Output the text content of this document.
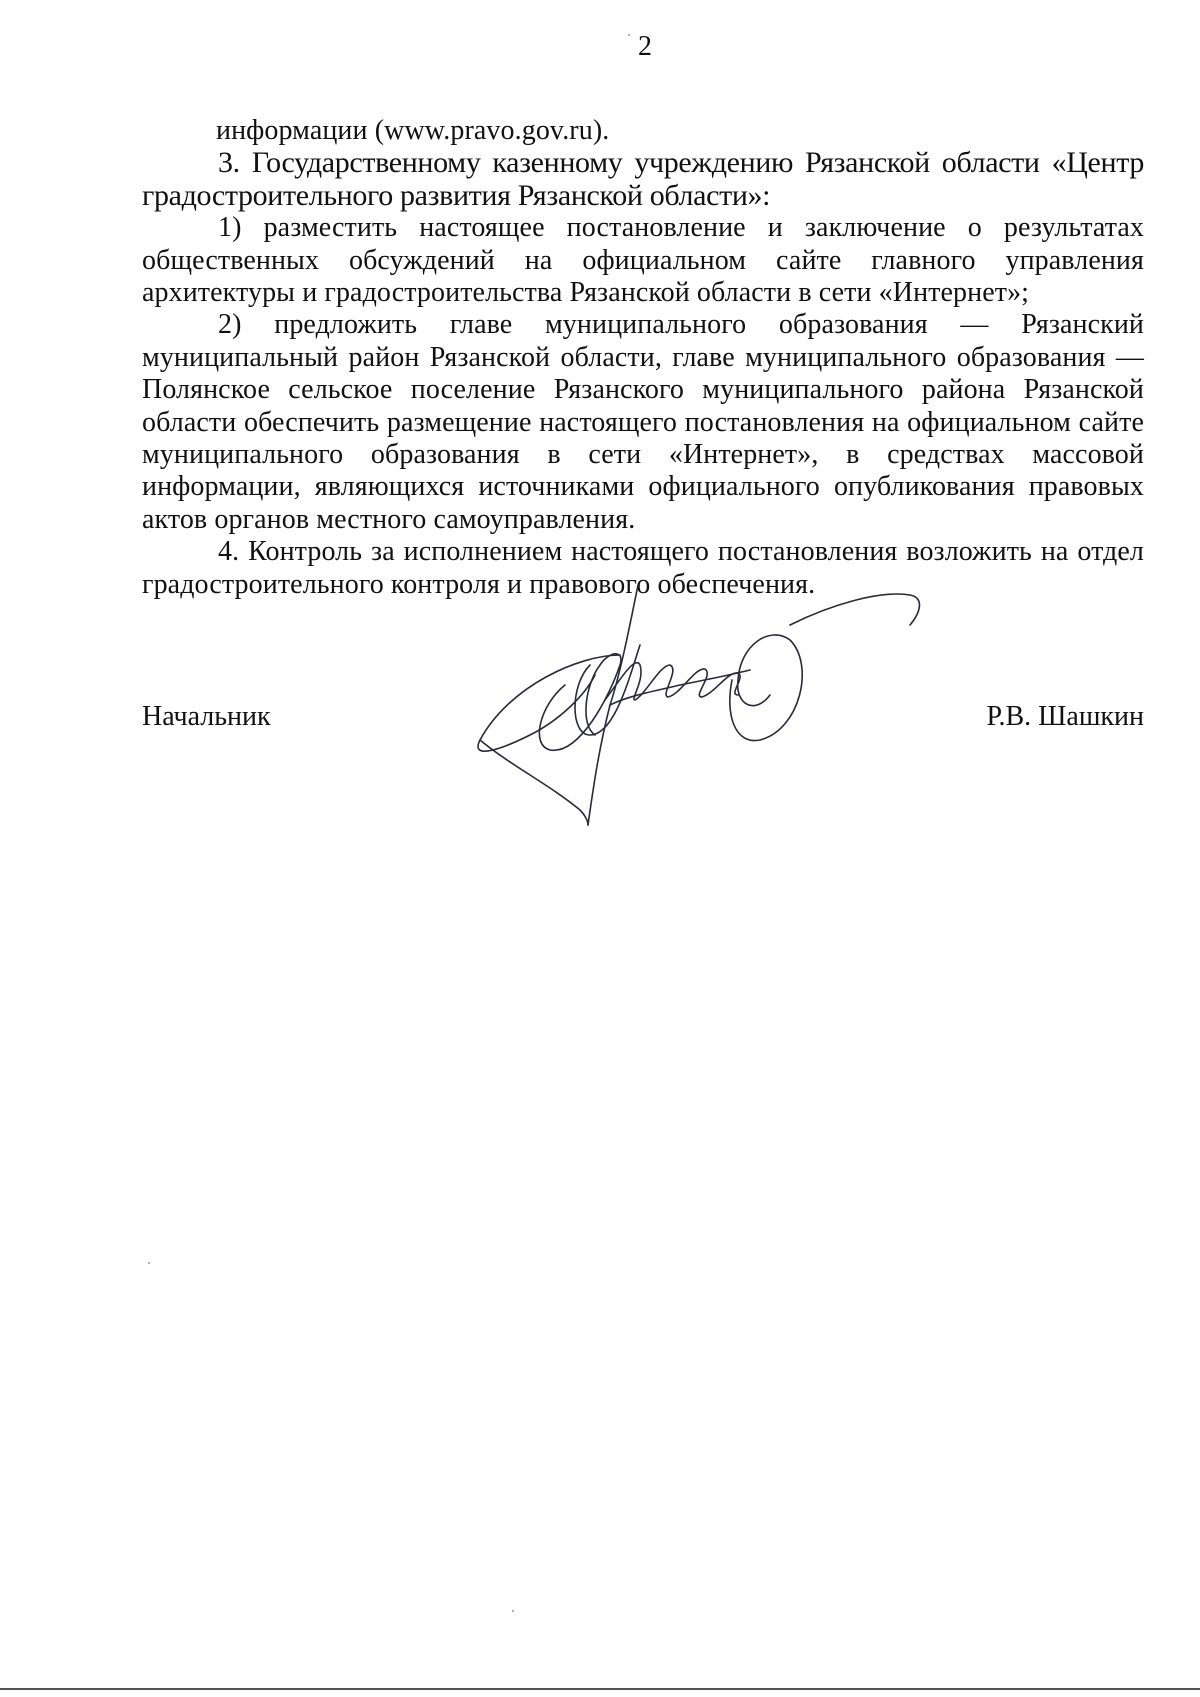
2

информации (www.pravo.gov.ru).

3. Государственному казенному учреждению Рязанской области «Центр градостроительного развития Рязанской области»:

1) разместить настоящее постановление и заключение о результатах общественных обсуждений на официальном сайте главного управления архитектуры и градостроительства Рязанской области в сети «Интернет»;

2) предложить главе муниципального образования — Рязанский муниципальный район Рязанской области, главе муниципального образования — Полянское сельское поселение Рязанского муниципального района Рязанской области обеспечить размещение настоящего постановления на официальном сайте муниципального образования в сети «Интернет», в средствах массовой информации, являющихся источниками официального опубликования правовых актов органов местного самоуправления.

4. Контроль за исполнением настоящего постановления возложить на отдел градостроительного контроля и правового обеспечения.

Начальник	Р.В. Шашкин
